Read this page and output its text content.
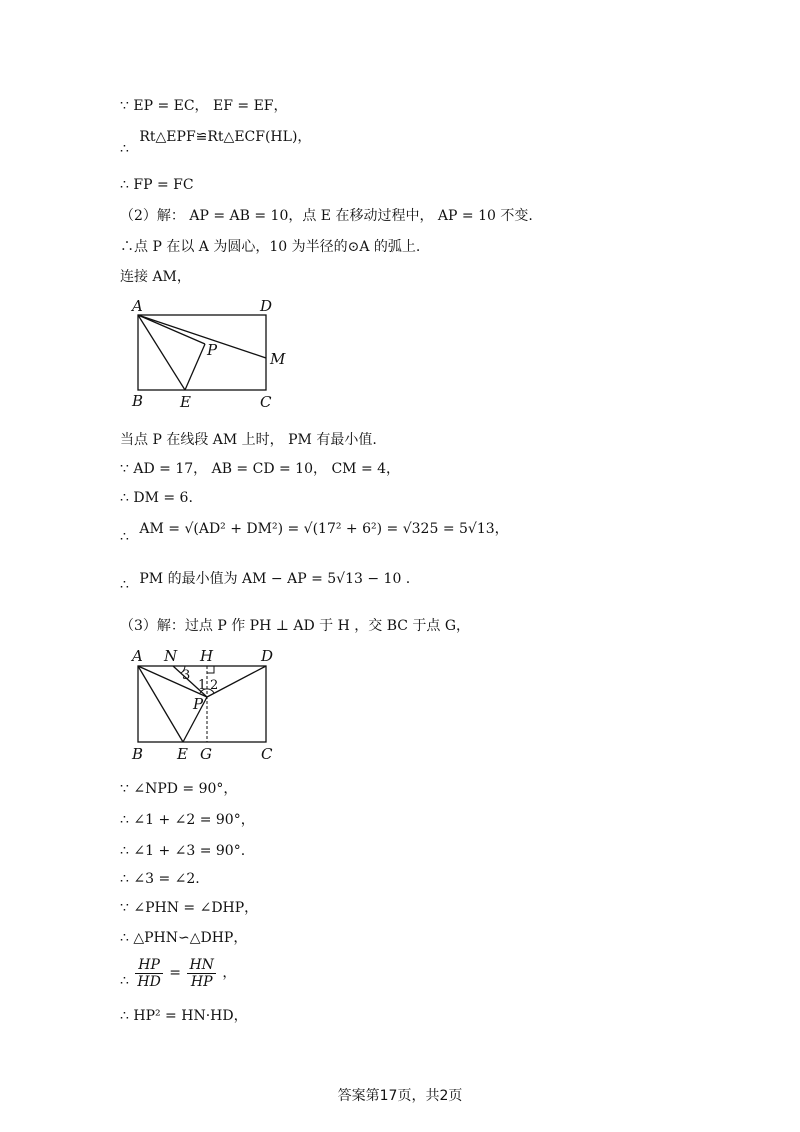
∵ EP = EC， EF = EF，
∴ Rt△EPF≌Rt△ECF(HL)，
∴ FP = FC
（2）解： AP = AB = 10，点 E 在移动过程中， AP = 10 不变.
∴点 P 在以 A 为圆心，10 为半径的⊙A 的弧上.
连接 AM，
A	D
P	M
B E	C
当点 P 在线段 AM 上时， PM 有最小值.
∵ AD = 17， AB = CD = 10， CM = 4，
∴ DM = 6.
∴ AM = √(AD² + DM²) = √(17² + 6²) = √325 = 5√13，
∴ PM 的最小值为 AM − AP = 5√13 − 10 .
（3）解：过点 P 作 PH ⊥ AD 于 H ，交 BC 于点 G，
A N H	D
3
1 2
P
B E G	C
∵ ∠NPD = 90°，
∴ ∠1 + ∠2 = 90°，
∴ ∠1 + ∠3 = 90°.
∴ ∠3 = ∠2.
∵ ∠PHN = ∠DHP，
∴ △PHN∽△DHP，
∴ $\frac{HP}{HD} = \frac{HN}{HP}$ ，
∴ HP² = HN·HD，
答案第17页，共2页
